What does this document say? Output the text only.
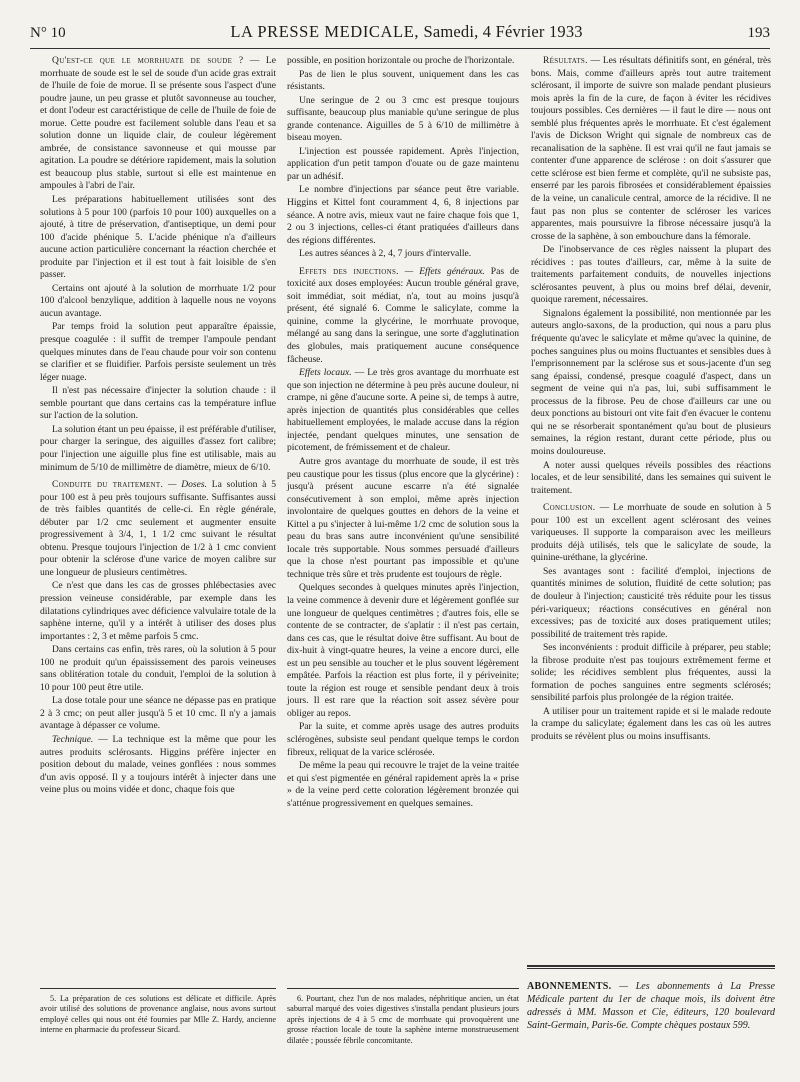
N° 10	LA PRESSE MEDICALE, Samedi, 4 Février 1933	193

Qu'est-ce que le morrhuate de soude ? — Le morrhuate de soude est le sel de soude d'un acide gras extrait de l'huile de foie de morue. Il se présente sous l'aspect d'une poudre jaune, un peu grasse et plutôt savonneuse au toucher, et dont l'odeur est caractéristique de celle de l'huile de foie de morue. Cette poudre est facilement soluble dans l'eau et sa solution donne un liquide clair, de couleur légèrement ambrée, de consistance savonneuse et qui mousse par agitation. La poudre se détériore rapidement, mais la solution est beaucoup plus stable, surtout si elle est maintenue en ampoules à l'abri de l'air.

Les préparations habituellement utilisées sont des solutions à 5 pour 100 (parfois 10 pour 100) auxquelles on a ajouté, à titre de préservation, d'antiseptique, un demi pour 100 d'acide phénique 5. L'acide phénique n'a d'ailleurs aucune action particulière concernant la réaction cherchée et produite par l'injection et il est tout à fait loisible de s'en passer.

Certains ont ajouté à la solution de morrhuate 1/2 pour 100 d'alcool benzylique, addition à laquelle nous ne voyons aucun avantage.

Par temps froid la solution peut apparaître épaissie, presque coagulée : il suffit de tremper l'ampoule pendant quelques minutes dans de l'eau chaude pour voir son contenu se clarifier et se fluidifier. Parfois persiste seulement un très léger nuage.

Il n'est pas nécessaire d'injecter la solution chaude : il semble pourtant que dans certains cas la température influe sur l'action de la solution.

La solution étant un peu épaisse, il est préférable d'utiliser, pour charger la seringue, des aiguilles d'assez fort calibre; pour l'injection une aiguille plus fine est utilisable, mais au minimum de 5/10 de millimètre de diamètre, mieux de 6/10.

Conduite du traitement. — Doses. La solution à 5 pour 100 est à peu près toujours suffisante. Suffisantes aussi de très faibles quantités de celle-ci. En règle générale, débuter par 1/2 cmc seulement et augmenter ensuite progressivement à 3/4, 1, 1 1/2 cmc suivant le résultat obtenu. Presque toujours l'injection de 1/2 à 1 cmc convient pour obtenir la sclérose d'une varice de moyen calibre sur une longueur de plusieurs centimètres.

Ce n'est que dans les cas de grosses phlébectasies avec pression veineuse considérable, par exemple dans les dilatations cylindriques avec déficience valvulaire totale de la saphène interne, qu'il y a intérêt à utiliser des doses plus importantes : 2, 3 et même parfois 5 cmc.

Dans certains cas enfin, très rares, où la solution à 5 pour 100 ne produit qu'un épaississement des parois veineuses sans oblitération totale du conduit, l'emploi de la solution à 10 pour 100 peut être utile.

La dose totale pour une séance ne dépasse pas en pratique 2 à 3 cmc; on peut aller jusqu'à 5 et 10 cmc. Il n'y a jamais avantage à dépasser ce volume.

Technique. — La technique est la même que pour les autres produits sclérosants. Higgins préfère injecter en position debout du malade, veines gonflées : nous sommes d'un avis opposé. Il y a toujours intérêt à injecter dans une veine plus ou moins vidée et donc, chaque fois que

possible, en position horizontale ou proche de l'horizontale.

Pas de lien le plus souvent, uniquement dans les cas résistants.

Une seringue de 2 ou 3 cmc est presque toujours suffisante, beaucoup plus maniable qu'une seringue de plus grande contenance. Aiguilles de 5 à 6/10 de millimètre à biseau moyen.

L'injection est poussée rapidement. Après l'injection, application d'un petit tampon d'ouate ou de gaze maintenu par un adhésif.

Le nombre d'injections par séance peut être variable. Higgins et Kittel font couramment 4, 6, 8 injections par séance. A notre avis, mieux vaut ne faire chaque fois que 1, 2 ou 3 injections, celles-ci étant pratiquées d'ailleurs dans des régions différentes.

Les autres séances à 2, 4, 7 jours d'intervalle.

Effets des injections. — Effets généraux. Pas de toxicité aux doses employées: Aucun trouble général grave, soit immédiat, soit médiat, n'a, tout au moins jusqu'à présent, été signalé 6. Comme le salicylate, comme la quinine, comme la glycérine, le morrhuate provoque, mélangé au sang dans la seringue, une sorte d'agglutination des globules, mais pratiquement aucune conséquence fâcheuse.

Effets locaux. — Le très gros avantage du morrhuate est que son injection ne détermine à peu près aucune douleur, ni crampe, ni gêne d'aucune sorte. A peine si, de temps à autre, après injection de quantités plus considérables que celles habituellement employées, le malade accuse dans la région injectée, pendant quelques minutes, une sensation de picotement, de frémissement et de chaleur.

Autre gros avantage du morrhuate de soude, il est très peu caustique pour les tissus (plus encore que la glycérine) : jusqu'à présent aucune escarre n'a été signalée consécutivement à son emploi, même après injection involontaire de quelques gouttes en dehors de la veine et Kittel a pu s'injecter à lui-même 1/2 cmc de solution sous la peau du bras sans autre inconvénient qu'une sensibilité locale très supportable. Nous sommes persuadé d'ailleurs que la chose n'est pourtant pas impossible et qu'une technique très sûre et très prudente est toujours de règle.

Quelques secondes à quelques minutes après l'injection, la veine commence à devenir dure et légèrement gonflée sur une longueur de quelques centimètres ; d'autres fois, elle se contente de se contracter, de s'aplatir : il n'est pas certain, dans ces cas, que le résultat doive être suffisant. Au bout de dix-huit à vingt-quatre heures, la veine a encore durci, elle est un peu sensible au toucher et le plus souvent légèrement empâtée. Parfois la réaction est plus forte, il y périveinite; toute la région est rouge et sensible pendant deux à trois jours. Il est rare que la réaction soit assez sévère pour obliger au repos.

Par la suite, et comme après usage des autres produits sclérogènes, subsiste seul pendant quelque temps le cordon fibreux, reliquat de la varice sclérosée.

De même la peau qui recouvre le trajet de la veine traitée et qui s'est pigmentée en général rapidement après la « prise » de la veine perd cette coloration légèrement bronzée qui s'atténue progressivement en quelques semaines.

Résultats. — Les résultats définitifs sont, en général, très bons. Mais, comme d'ailleurs après tout autre traitement sclérosant, il importe de suivre son malade pendant plusieurs mois après la fin de la cure, de façon à éviter les récidives toujours possibles. Ces dernières — il faut le dire — nous ont semblé plus fréquentes après le morrhuate. Et c'est également l'avis de Dickson Wright qui signale de nombreux cas de recanalisation de la saphène. Il est vrai qu'il ne faut jamais se contenter d'une apparence de sclérose : on doit s'assurer que cette sclérose est bien ferme et complète, qu'il ne subsiste pas, enserré par les parois fibrosées et considérablement épaissies de la veine, un canalicule central, amorce de la récidive. Il ne faut pas non plus se contenter de scléroser les varices apparentes, mais poursuivre la fibrose nécessaire jusqu'à la crosse de la saphène, à son embouchure dans la fémorale.

De l'inobservance de ces règles naissent la plupart des récidives : pas toutes d'ailleurs, car, même à la suite de traitements parfaitement conduits, de nouvelles injections sclérosantes peuvent, à plus ou moins bref délai, devenir, quoique rarement, nécessaires.

Signalons également la possibilité, non mentionnée par les auteurs anglo-saxons, de la production, qui nous a paru plus fréquente qu'avec le salicylate et même qu'avec la quinine, de poches sanguines plus ou moins fluctuantes et sensibles dues à l'emprisonnement par la sclérose sus et sous-jacente d'un seg sang épaissi, condensé, presque coagulé d'aspect, dans un segment de veine qui n'a pas, lui, subi suffisamment le processus de la fibrose. Peu de chose d'ailleurs car une ou deux ponctions au bistouri ont vite fait d'en évacuer le contenu qui ne se résorberait spontanément qu'au bout de plusieurs semaines, la région restant, durant cette période, plus ou moins douloureuse.

A noter aussi quelques réveils possibles des réactions locales, et de leur sensibilité, dans les semaines qui suivent le traitement.

Conclusion. — Le morrhuate de soude en solution à 5 pour 100 est un excellent agent sclérosant des veines variqueuses. Il supporte la comparaison avec les meilleurs produits déjà utilisés, tels que le salicylate de soude, la quinine-uréthane, la glycérine.

Ses avantages sont : facilité d'emploi, injections de quantités minimes de solution, fluidité de cette solution; pas de douleur à l'injection; causticité très réduite pour les tissus péri-variqueux; réactions consécutives en général non excessives; pas de toxicité aux doses pratiquement utiles; possibilité de traitement très rapide.

Ses inconvénients : produit difficile à préparer, peu stable; la fibrose produite n'est pas toujours extrêmement ferme et solide; les récidives semblent plus fréquentes, aussi la formation de poches sanguines entre segments sclérosés; sensibilité parfois plus prolongée de la région traitée.

A utiliser pour un traitement rapide et si le malade redoute la crampe du salicylate; également dans les cas où les autres produits se révèlent plus ou moins insuffisants.

5. La préparation de ces solutions est délicate et difficile. Après avoir utilisé des solutions de provenance anglaise, nous avons surtout employé celles qui nous ont été fournies par Mlle Z. Hardy, ancienne interne en pharmacie du professeur Sicard.

6. Pourtant, chez l'un de nos malades, néphritique ancien, un état saburral marqué des voies digestives s'installa pendant plusieurs jours après injections de 4 à 5 cmc de morrhuate qui provoquèrent une grosse réaction locale de toute la saphène interne monstrueusement dilatée ; poussée fébrile concomitante.

ABONNEMENTS. — Les abonnements à La Presse Médicale partent du 1er de chaque mois, ils doivent être adressés à MM. Masson et Cie, éditeurs, 120 boulevard Saint-Germain, Paris-6e. Compte chèques postaux 599.
